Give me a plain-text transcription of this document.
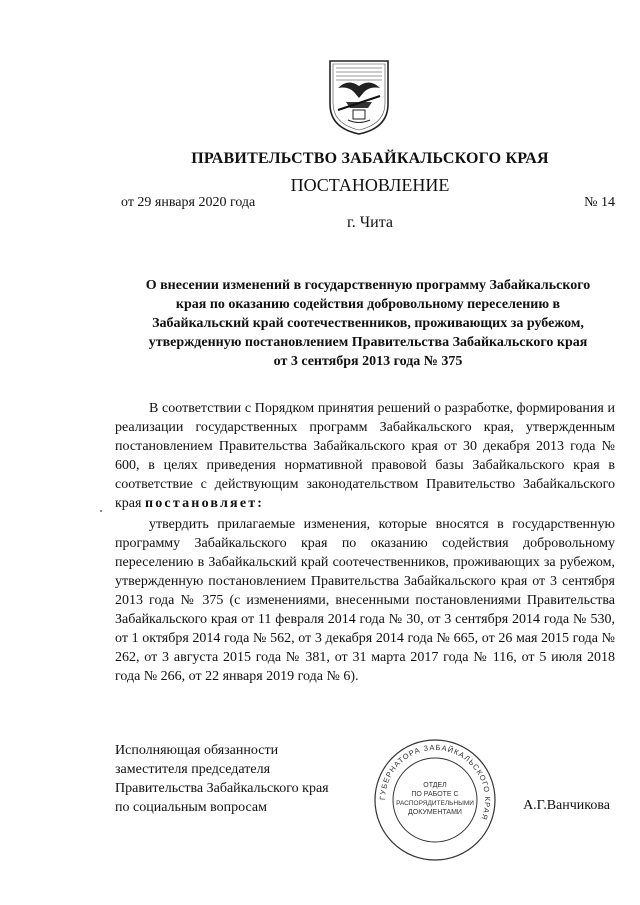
ПРАВИТЕЛЬСТВО ЗАБАЙКАЛЬСКОГО КРАЯ
ПОСТАНОВЛЕНИЕ
от 29 января 2020 года	№ 14
г. Чита
О внесении изменений в государственную программу Забайкальского
края по оказанию содействия добровольному переселению в
Забайкальский край соотечественников, проживающих за рубежом,
утвержденную постановлением Правительства Забайкальского края
от 3 сентября 2013 года № 375

В соответствии с Порядком принятия решений о разработке, формирования и реализации государственных программ Забайкальского края, утвержденным постановлением Правительства Забайкальского края от 30 декабря 2013 года № 600, в целях приведения нормативной правовой базы Забайкальского края в соответствие с действующим законодательством Правительство Забайкальского края постановляет:

утвердить прилагаемые изменения, которые вносятся в государственную программу Забайкальского края по оказанию содействия добровольному переселению в Забайкальский край соотечественников, проживающих за рубежом, утвержденную постановлением Правительства Забайкальского края от 3 сентября 2013 года № 375 (с изменениями, внесенными постановлениями Правительства Забайкальского края от 11 февраля 2014 года № 30, от 3 сентября 2014 года № 530, от 1 октября 2014 года № 562, от 3 декабря 2014 года № 665, от 26 мая 2015 года № 262, от 3 августа 2015 года № 381, от 31 марта 2017 года № 116, от 5 июля 2018 года № 266, от 22 января 2019 года № 6).

Исполняющая обязанности
заместителя председателя
Правительства Забайкальского края
по социальным вопросам
ГУБЕРНАТОРА ЗАБАЙКАЛЬСКОГО КРАЯ
ОТДЕЛ
ПО РАБОТЕ С
РАСПОРЯДИТЕЛЬНЫМИ
ДОКУМЕНТАМИ	А.Г.Ванчикова
